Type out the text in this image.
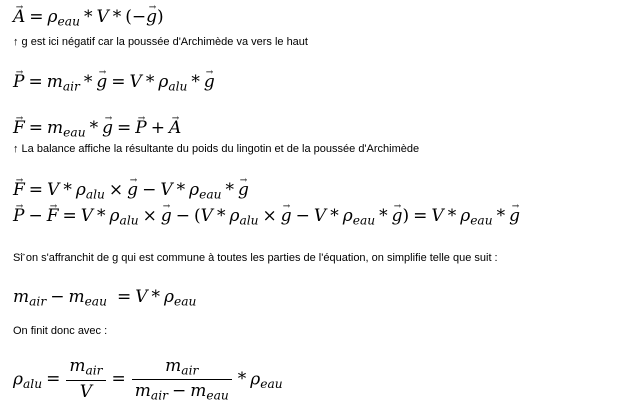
→ $A = \rho_{eau} * V$ * (−→ g)
↑ g est ici négatif car la poussée d'Archimède va vers le haut
→ $P = m_{air} *\to g = V * \rho_{alu} *\to g$
→ $F = m_{eau} *\to g =\to P +\to A$
↑ La balance affiche la résultante du poids du lingotin et de la poussée d'Archimède
→ $F = V * \rho_{alu} \times\to g - V * \rho_{eau} *\to g$
→ $P -\to F = V * \rho_{alu} \times\to g - (V * \rho_{alu} \times\to g - V * \rho_{eau} *\to g) = V * \rho_{eau} *\to g$
Si on s'affranchit de g → qui est commune à toutes les parties de l'équation, on simplifie telle que suit :
$m_{air} - m_{eau} = V * \rho_{eau}$
On finit donc avec :
$\rho_{alu} = \frac{m_{air}}{V} = \frac{m_{air}}{m_{air} - m_{eau}} * \rho_{eau}$
